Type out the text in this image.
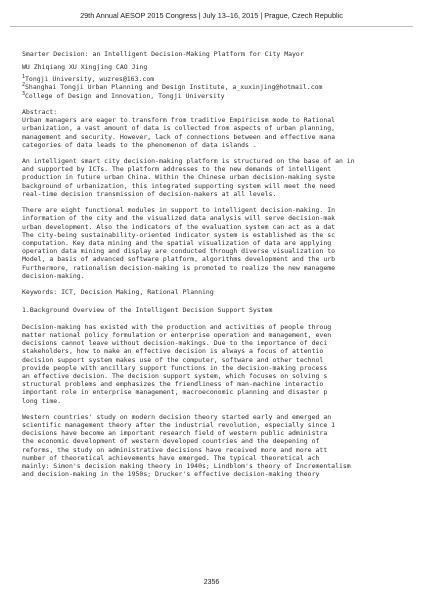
29th Annual AESOP 2015 Congress | July 13–16, 2015 | Prague, Czech Republic
Smarter Decision: an Intelligent Decision-Making Platform for City Mayor
WU Zhiqiang XU Xingjing CAO Jing
$^1$Tongji University, wuzres@163.com
$^2$Shanghai Tongji Urban Planning and Design Institute, a_xuxinjing@hotmail.com
$^3$College of Design and Innovation, Tongji University
Abstract:
Urban managers are eager to transform from traditive Empiricism mode to Rational
urbanization, a vast amount of data is collected from aspects of urban planning,
management and security. However, lack of connections between and effective mana
categories of data leads to the phenomenon of data islands .
An intelligent smart city decision-making platform is structured on the base of an in
and supported by ICTs. The platform addresses to the new demands of intelligent
production in future urban China. Within the Chinese urban decision-making syste
background of urbanization, this integrated supporting system will meet the need
real-time decision transmission of decision-makers at all levels.
There are eight functional modules in support to intelligent decision-making. In
information of the city and the visualized data analysis will serve decision-mak
urban development. Also the indicators of the evaluation system can act as a dat
The city-being sustainability-oriented indicator system is established as the sc
computation. Key data mining and the spatial visualization of data are applying
operation data mining and display are conducted through diverse visualization to
Model, a basis of advanced software platform, algorithms development and the urb
Furthermore, rationalism decision-making is promoted to realize the new manageme
decision-making.
Keywords: ICT, Decision Making, Rational Planning
1.Background Overview of the Intelligent Decision Support System
Decision-making has existed with the production and activities of people throug
matter national policy formulation or enterprise operation and management, even
decisions cannot leave without decision-makings. Due to the importance of deci
stakeholders, how to make an effective decision is always a focus of attentio
decision support system makes use of the computer, software and other technol
provide people with ancillary support functions in the decision-making process
an effective decision. The decision support system, which focuses on solving s
structural problems and emphasizes the friendliness of man-machine interactio
important role in enterprise management, macroeconomic planning and disaster p
long time.
Western countries' study on modern decision theory started early and emerged an
scientific management theory after the industrial revolution, especially since 1
decisions have become an important research field of western public administra
the economic development of western developed countries and the deepening of
reforms, the study on administrative decisions have received more and more att
number of theoretical achievements have emerged. The typical theoretical ach
mainly: Simon's decision making theory in 1940s; Lindblom's theory of Incrementalism
and decision-making in the 1950s; Drucker's effective decision-making theory
2356
